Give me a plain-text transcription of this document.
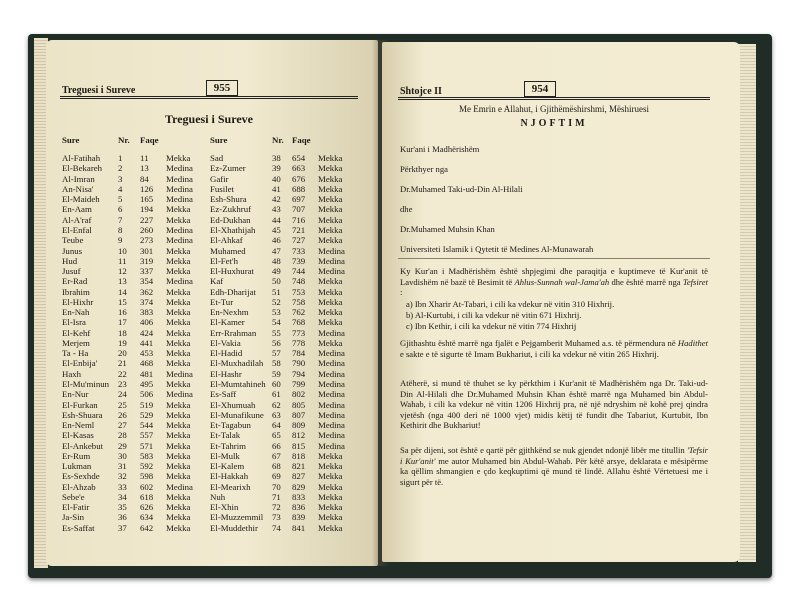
Treguesi i Sureve	955
Treguesi i Sureve
Sure	Nr.	Faqe		Sure	Nr.	Faqe	
Al-Fatihah	1	11	Mekka	Sad	38	654	Mekka
El-Bekareh	2	13	Medina	Ez-Zumer	39	663	Mekka
Al-Imran	3	84	Medina	Gafir	40	676	Mekka
An-Nisa'	4	126	Medina	Fusilet	41	688	Mekka
El-Maideh	5	165	Medina	Esh-Shura	42	697	Mekka
En-Aam	6	194	Mekka	Ez-Zukhruf	43	707	Mekka
Al-A'raf	7	227	Mekka	Ed-Dukhan	44	716	Mekka
El-Enfal	8	260	Medina	El-Xhathijah	45	721	Mekka
Teube	9	273	Medina	El-Ahkaf	46	727	Mekka
Junus	10	301	Mekka	Muhamed	47	733	Medina
Hud	11	319	Mekka	El-Fet'h	48	739	Medina
Jusuf	12	337	Mekka	El-Huxhurat	49	744	Medina
Er-Rad	13	354	Medina	Kaf	50	748	Mekka
Ibrahim	14	362	Mekka	Edh-Dharijat	51	753	Mekka
El-Hixhr	15	374	Mekka	Et-Tur	52	758	Mekka
En-Nah	16	383	Mekka	En-Nexhm	53	762	Mekka
El-Isra	17	406	Mekka	El-Kamer	54	768	Mekka
El-Kehf	18	424	Mekka	Err-Rrahman	55	773	Medina
Merjem	19	441	Mekka	El-Vakia	56	778	Mekka
Ta - Ha	20	453	Mekka	El-Hadid	57	784	Medina
El-Enbija'	21	468	Mekka	El-Muxhadilah	58	790	Medina
Haxh	22	481	Medina	El-Hashr	59	794	Medina
El-Mu'minun	23	495	Mekka	El-Mumtahineh	60	799	Medina
En-Nur	24	506	Medina	Es-Saff	61	802	Medina
El-Furkan	25	519	Mekka	El-Xhumuah	62	805	Medina
Esh-Shuara	26	529	Mekka	El-Munafikune	63	807	Medina
En-Neml	27	544	Mekka	Et-Tagabun	64	809	Medina
El-Kasas	28	557	Mekka	Et-Talak	65	812	Medina
El-Ankebut	29	571	Mekka	Et-Tahrim	66	815	Medina
Er-Rum	30	583	Mekka	El-Mulk	67	818	Mekka
Lukman	31	592	Mekka	El-Kalem	68	821	Mekka
Es-Sexhde	32	598	Mekka	El-Hakkah	69	827	Mekka
El-Ahzab	33	602	Medina	El-Mearixh	70	829	Mekka
Sebe'e	34	618	Mekka	Nuh	71	833	Mekka
El-Fatir	35	626	Mekka	El-Xhin	72	836	Mekka
Ja-Sin	36	634	Mekka	El-Muzzemmil	73	839	Mekka
Es-Saffat	37	642	Mekka	El-Muddethir	74	841	Mekka
Shtojce II	954
Me Emrin e Allahut, i Gjithëmëshirshmi, Mëshiruesi
NJOFTIM
Kur'ani i Madhërishëm
Përkthyer nga
Dr.Muhamed Taki-ud-Din Al-Hilali
dhe
Dr.Muhamed Muhsin Khan
Universiteti Islamik i Qytetit të Medines Al-Munawarah
Ky Kur'an i Madhërishëm është shpjegimi dhe paraqitja e kuptimeve të Kur'anit të Lavdishëm në bazë të Besimit të Ahlus-Sunnah wal-Jama'ah dhe është marrë nga Tefsiret :
a) Ibn Xharir At-Tabari, i cili ka vdekur në vitin 310 Hixhrij.
b) Al-Kurtubi, i cili ka vdekur në vitin 671 Hixhrij.
c) Ibn Kethir, i cili ka vdekur në vitin 774 Hixhrij
Gjithashtu është marrë nga fjalët e Pejgamberit Muhamed a.s. të përmendura në Hadithet e sakte e të sigurte të Imam Bukhariut, i cili ka vdekur në vitin 265 Hixhrij.
Atëherë, si mund të thuhet se ky përkthim i Kur'anit të Madhërishëm nga Dr. Taki-ud-Din Al-Hilali dhe Dr.Muhamed Muhsin Khan është marrë nga Muhamed bin Abdul-Wahab, i cili ka vdekur në vitin 1206 Hixhrij pra, në një ndryshim në kohë prej qindra vjetësh (nga 400 deri në 1000 vjet) midis këtij të fundit dhe Tabariut, Kurtubit, Ibn Kethirit dhe Bukhariut!
Sa për dijeni, sot është e qartë për gjithkënd se nuk gjendet ndonjë libër me titullin 'Tefsir i Kur'anit' me autor Muhamed bin Abdul-Wahab. Për këtë arsye, deklarata e mësipërme ka qëllim shmangien e çdo keqkuptimi që mund të lindë. Allahu është Vërtetuesi me i sigurt për të.
